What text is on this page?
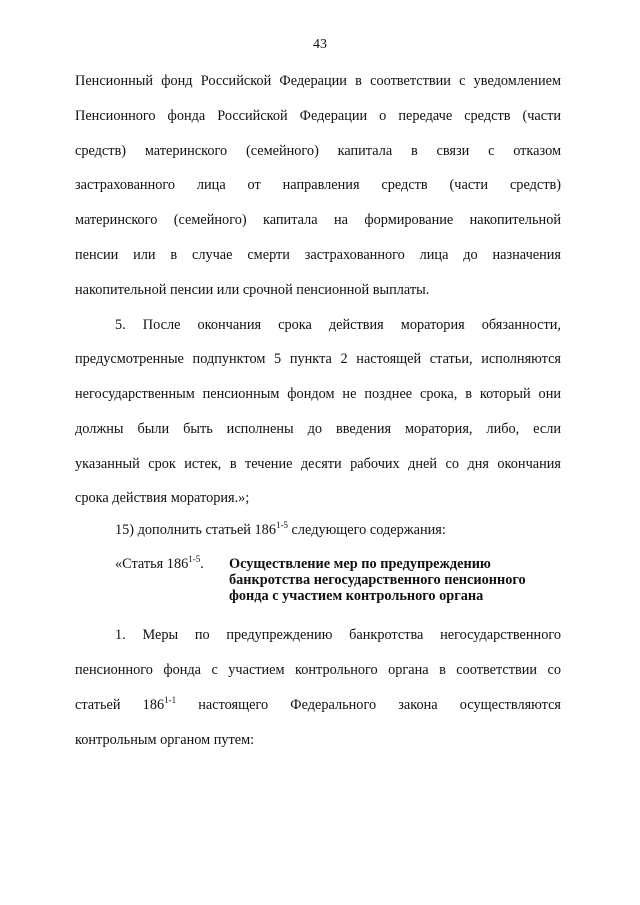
43
Пенсионный фонд Российской Федерации в соответствии с уведомлением
Пенсионного фонда Российской Федерации о передаче средств (части
средств) материнского (семейного) капитала в связи с отказом
застрахованного лица от направления средств (части средств)
материнского (семейного) капитала на формирование накопительной
пенсии или в случае смерти застрахованного лица до назначения
накопительной пенсии или срочной пенсионной выплаты.
5. После окончания срока действия моратория обязанности,
предусмотренные подпунктом 5 пункта 2 настоящей статьи, исполняются
негосударственным пенсионным фондом не позднее срока, в который они
должны были быть исполнены до введения моратория, либо, если
указанный срок истек, в течение десяти рабочих дней со дня окончания
срока действия моратория.»;
15) дополнить статьей 186$^{1-5}$ следующего содержания:
«Статья 186$^{1-5}$. Осуществление мер по предупреждению
банкротства негосударственного пенсионного
фонда с участием контрольного органа
1. Меры по предупреждению банкротства негосударственного
пенсионного фонда с участием контрольного органа в соответствии со
статьей 186$^{1-1}$ настоящего Федерального закона осуществляются
контрольным органом путем:
